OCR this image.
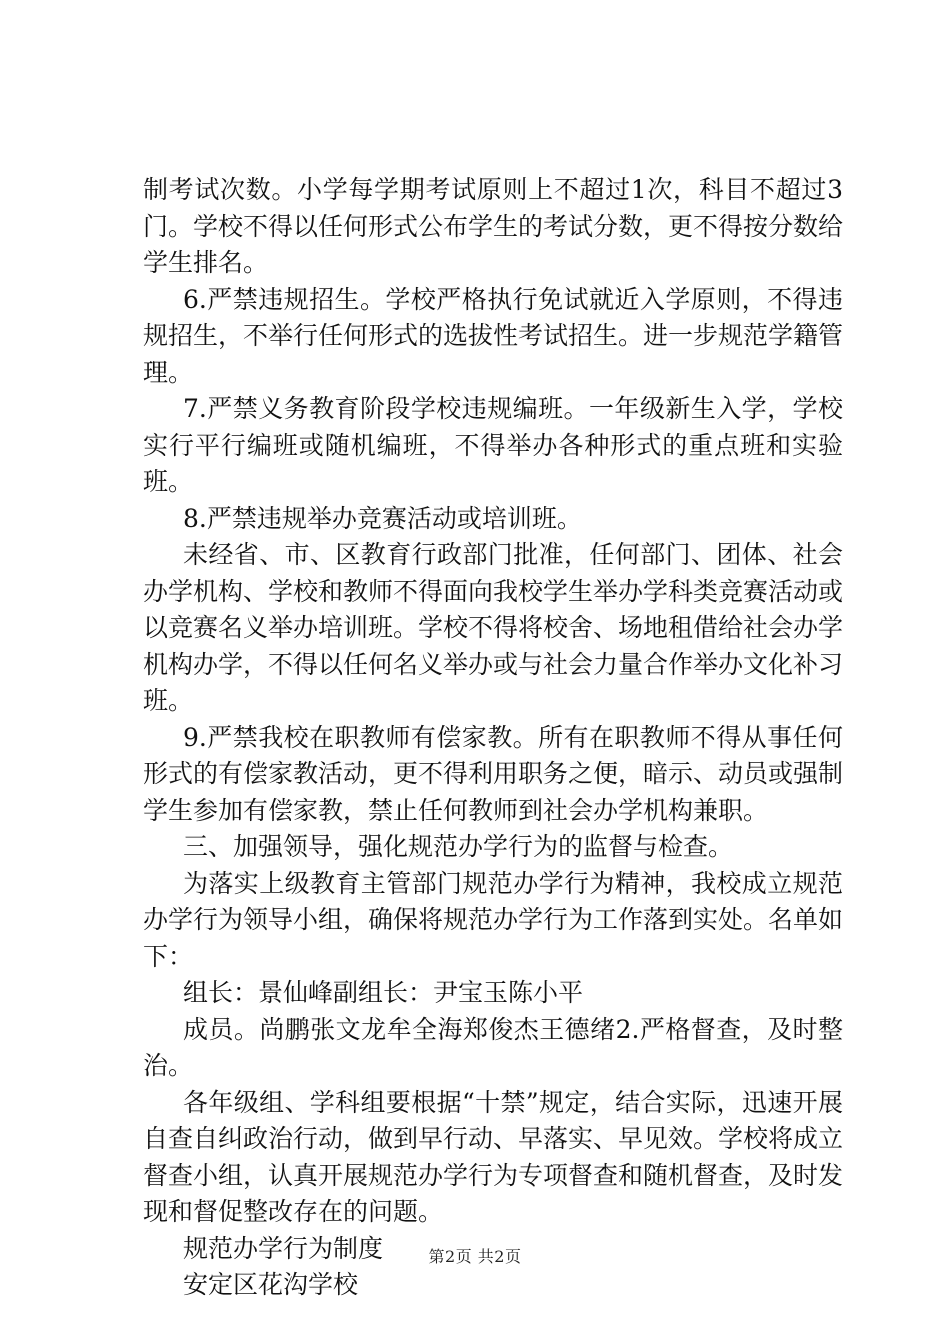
制考试次数。小学每学期考试原则上不超过1次，科目不超过3门。学校不得以任何形式公布学生的考试分数，更不得按分数给学生排名。

6.严禁违规招生。学校严格执行免试就近入学原则，不得违规招生，不举行任何形式的选拔性考试招生。进一步规范学籍管理。

7.严禁义务教育阶段学校违规编班。一年级新生入学，学校实行平行编班或随机编班，不得举办各种形式的重点班和实验班。

8.严禁违规举办竞赛活动或培训班。

未经省、市、区教育行政部门批准，任何部门、团体、社会办学机构、学校和教师不得面向我校学生举办学科类竞赛活动或以竞赛名义举办培训班。学校不得将校舍、场地租借给社会办学机构办学，不得以任何名义举办或与社会力量合作举办文化补习班。

9.严禁我校在职教师有偿家教。所有在职教师不得从事任何形式的有偿家教活动，更不得利用职务之便，暗示、动员或强制学生参加有偿家教，禁止任何教师到社会办学机构兼职。

三、加强领导，强化规范办学行为的监督与检查。

为落实上级教育主管部门规范办学行为精神，我校成立规范办学行为领导小组，确保将规范办学行为工作落到实处。名单如下：

组长：景仙峰副组长：尹宝玉陈小平

成员。尚鹏张文龙牟全海郑俊杰王德绪2.严格督查，及时整治。

各年级组、学科组要根据“十禁”规定，结合实际，迅速开展自查自纠政治行动，做到早行动、早落实、早见效。学校将成立督查小组，认真开展规范办学行为专项督查和随机督查，及时发现和督促整改存在的问题。

规范办学行为制度

安定区花沟学校

第2页 共2页
